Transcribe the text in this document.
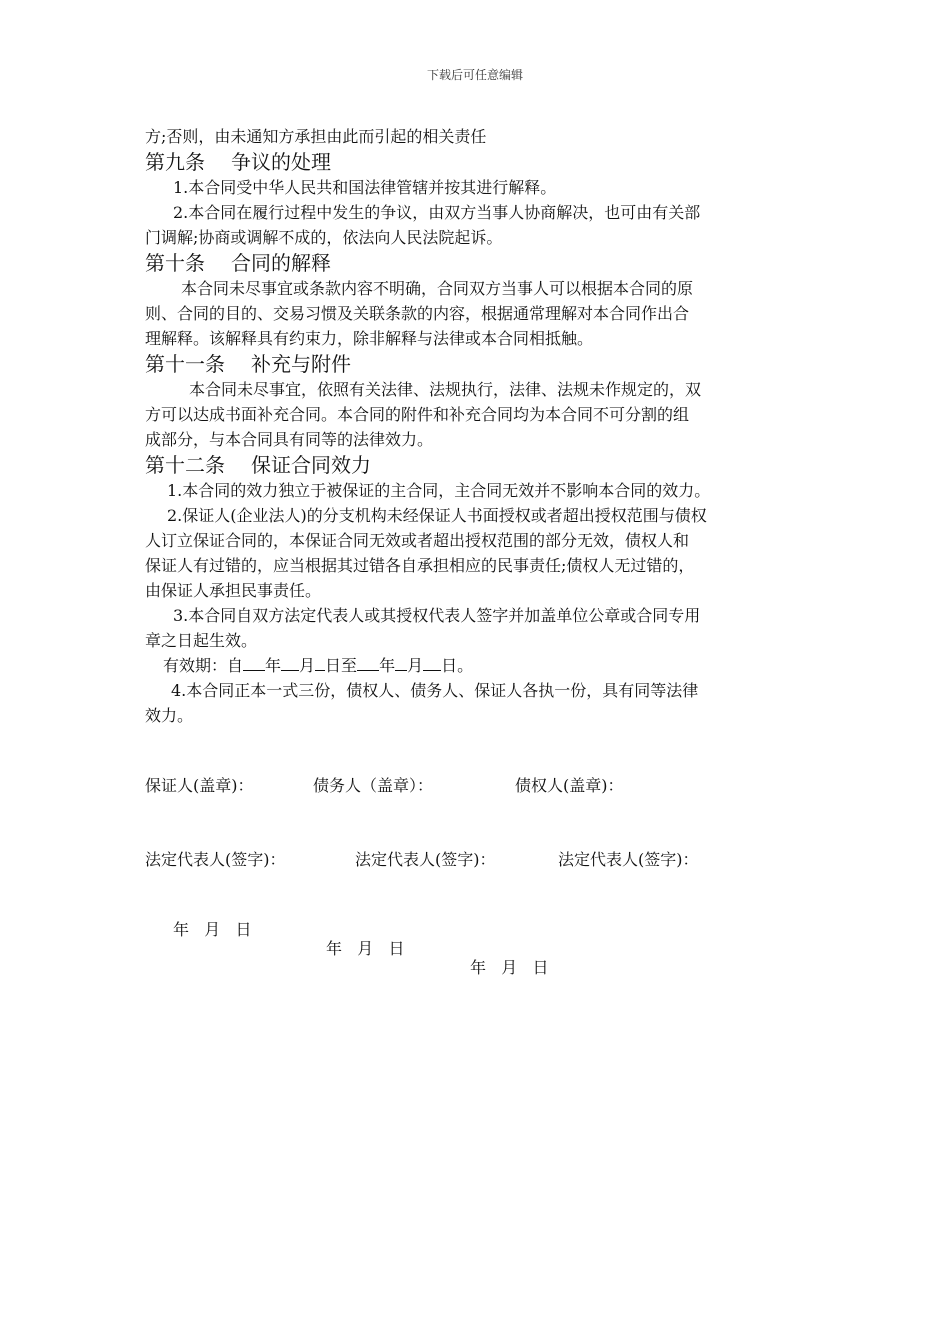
下载后可任意编辑

方;否则，由未通知方承担由此而引起的相关责任

第九条 争议的处理

1.本合同受中华人民共和国法律管辖并按其进行解释。

2.本合同在履行过程中发生的争议，由双方当事人协商解决，也可由有关部

门调解;协商或调解不成的，依法向人民法院起诉。

第十条 合同的解释

本合同未尽事宜或条款内容不明确，合同双方当事人可以根据本合同的原

则、合同的目的、交易习惯及关联条款的内容，根据通常理解对本合同作出合

理解释。该解释具有约束力，除非解释与法律或本合同相抵触。

第十一条 补充与附件

本合同未尽事宜，依照有关法律、法规执行，法律、法规未作规定的，双

方可以达成书面补充合同。本合同的附件和补充合同均为本合同不可分割的组

成部分，与本合同具有同等的法律效力。

第十二条 保证合同效力

1.本合同的效力独立于被保证的主合同，主合同无效并不影响本合同的效力。

2.保证人(企业法人)的分支机构未经保证人书面授权或者超出授权范围与债权

人订立保证合同的，本保证合同无效或者超出授权范围的部分无效，债权人和

保证人有过错的，应当根据其过错各自承担相应的民事责任;债权人无过错的，

由保证人承担民事责任。

3.本合同自双方法定代表人或其授权代表人签字并加盖单位公章或合同专用

章之日起生效。

有效期：自 年 月 日至 年 月 日。

4.本合同正本一式三份，债权人、债务人、保证人各执一份，具有同等法律

效力。

保证人(盖章)：	债务人（盖章）：	债权人(盖章)：
法定代表人(签字)：	法定代表人(签字)：	法定代表人(签字)：

年   月   日

年   月   日

年   月   日
